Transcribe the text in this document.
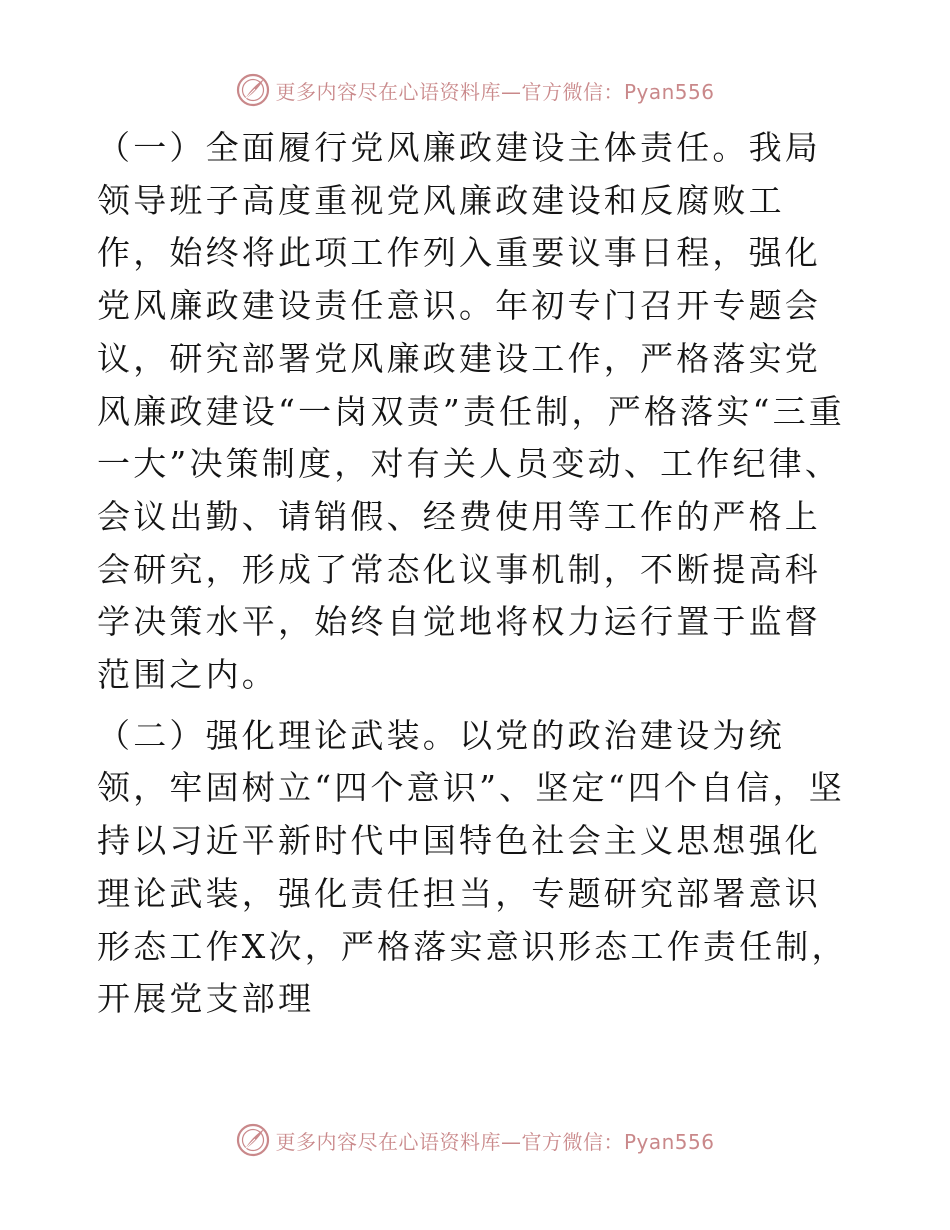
更多内容尽在心语资料库—官方微信：Pyan556

（一）全面履行党风廉政建设主体责任。我局领导班子高度重视党风廉政建设和反腐败工作，始终将此项工作列入重要议事日程，强化党风廉政建设责任意识。年初专门召开专题会议，研究部署党风廉政建设工作，严格落实党风廉政建设“一岗双责”责任制，严格落实“三重一大”决策制度，对有关人员变动、工作纪律、会议出勤、请销假、经费使用等工作的严格上会研究，形成了常态化议事机制，不断提高科学决策水平，始终自觉地将权力运行置于监督范围之内。

（二）强化理论武装。以党的政治建设为统领，牢固树立“四个意识”、坚定“四个自信，坚持以习近平新时代中国特色社会主义思想强化理论武装，强化责任担当，专题研究部署意识形态工作X次，严格落实意识形态工作责任制，开展党支部理

更多内容尽在心语资料库—官方微信：Pyan556
